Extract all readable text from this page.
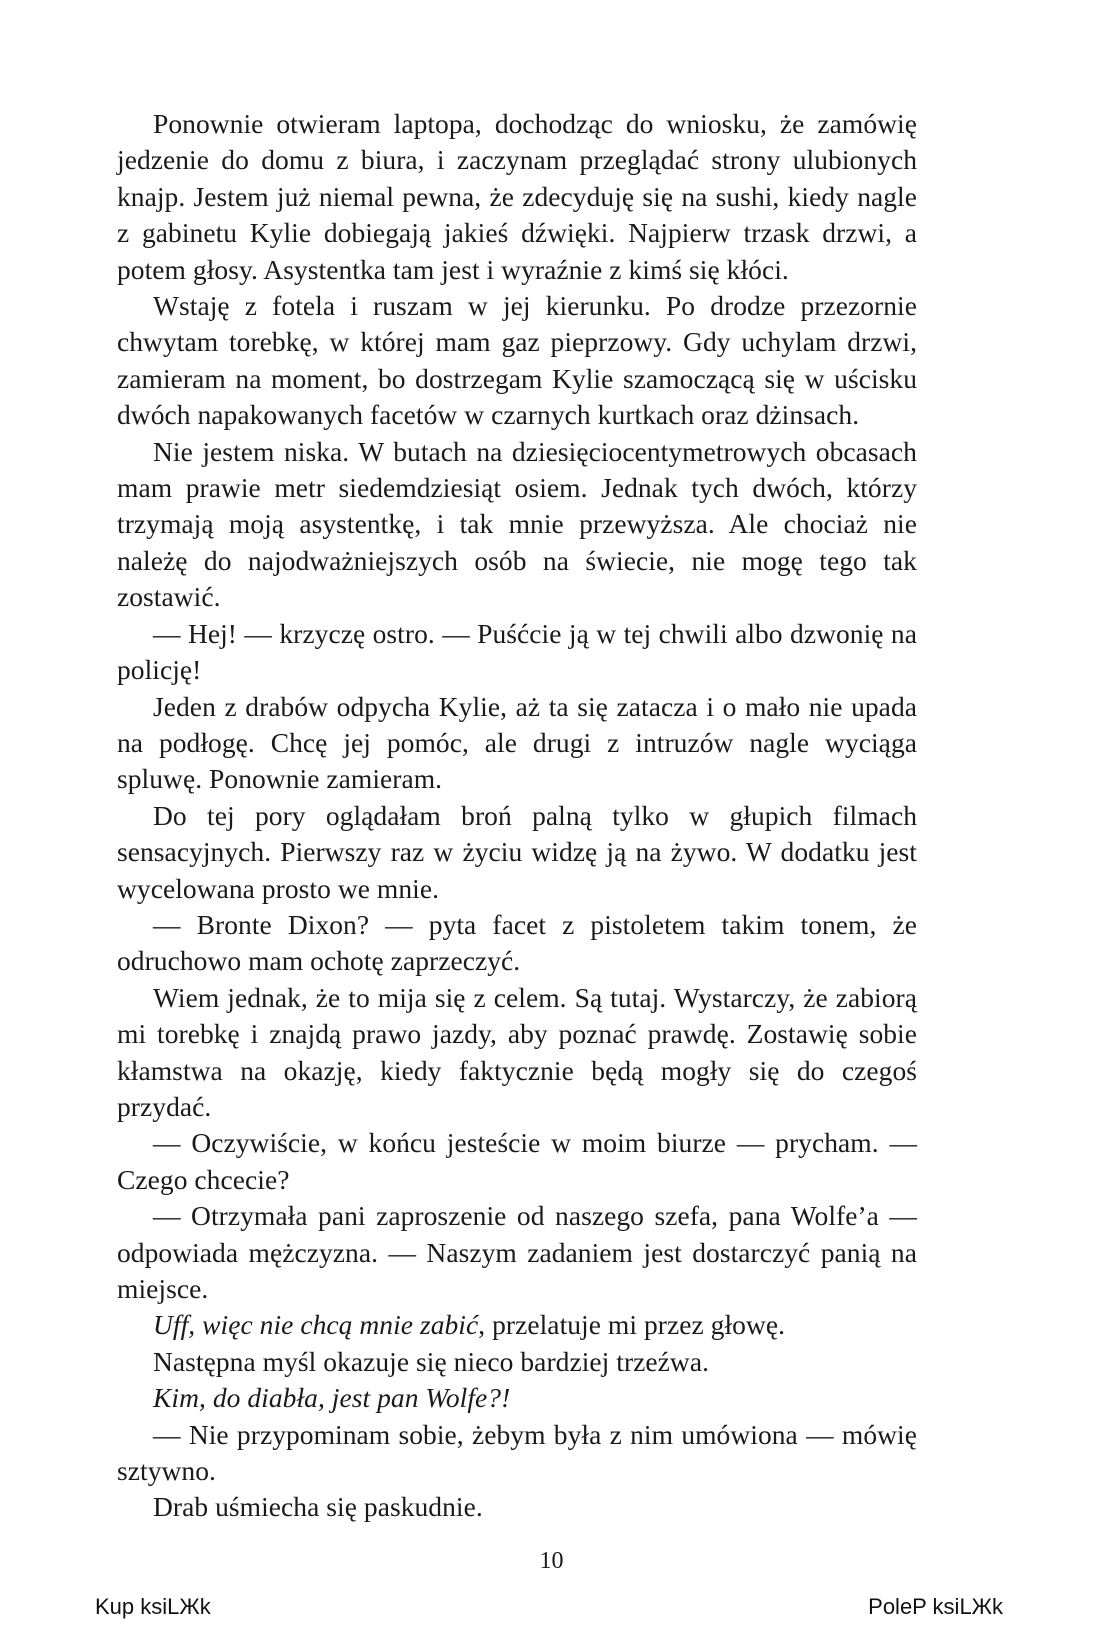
Ponownie otwieram laptopa, dochodząc do wniosku, że zamówię jedzenie do domu z biura, i zaczynam przeglądać strony ulubionych knajp. Jestem już niemal pewna, że zdecyduję się na sushi, kiedy nagle z gabinetu Kylie dobiegają jakieś dźwięki. Najpierw trzask drzwi, a potem głosy. Asystentka tam jest i wyraźnie z kimś się kłóci.

Wstaję z fotela i ruszam w jej kierunku. Po drodze przezornie chwytam torebkę, w której mam gaz pieprzowy. Gdy uchylam drzwi, zamieram na moment, bo dostrzegam Kylie szamoczącą się w uścisku dwóch napakowanych facetów w czarnych kurtkach oraz dżinsach.

Nie jestem niska. W butach na dziesięciocentymetrowych obcasach mam prawie metr siedemdziesiąt osiem. Jednak tych dwóch, którzy trzymają moją asystentkę, i tak mnie przewyższa. Ale chociaż nie należę do najodważniejszych osób na świecie, nie mogę tego tak zostawić.

— Hej! — krzyczę ostro. — Puśćcie ją w tej chwili albo dzwonię na policję!

Jeden z drabów odpycha Kylie, aż ta się zatacza i o mało nie upada na podłogę. Chcę jej pomóc, ale drugi z intruzów nagle wyciąga spluwę. Ponownie zamieram.

Do tej pory oglądałam broń palną tylko w głupich filmach sensacyjnych. Pierwszy raz w życiu widzę ją na żywo. W dodatku jest wycelowana prosto we mnie.

— Bronte Dixon? — pyta facet z pistoletem takim tonem, że odruchowo mam ochotę zaprzeczyć.

Wiem jednak, że to mija się z celem. Są tutaj. Wystarczy, że zabiorą mi torebkę i znajdą prawo jazdy, aby poznać prawdę. Zostawię sobie kłamstwa na okazję, kiedy faktycznie będą mogły się do czegoś przydać.

— Oczywiście, w końcu jesteście w moim biurze — prycham. — Czego chcecie?

— Otrzymała pani zaproszenie od naszego szefa, pana Wolfe’a — odpowiada mężczyzna. — Naszym zadaniem jest dostarczyć panią na miejsce.

Uff, więc nie chcą mnie zabić, przelatuje mi przez głowę.

Następna myśl okazuje się nieco bardziej trzeźwa.

Kim, do diabła, jest pan Wolfe?!

— Nie przypominam sobie, żebym była z nim umówiona — mówię sztywno.

Drab uśmiecha się paskudnie.

10
Kup ksiLЖk	PoleP ksiLЖk
